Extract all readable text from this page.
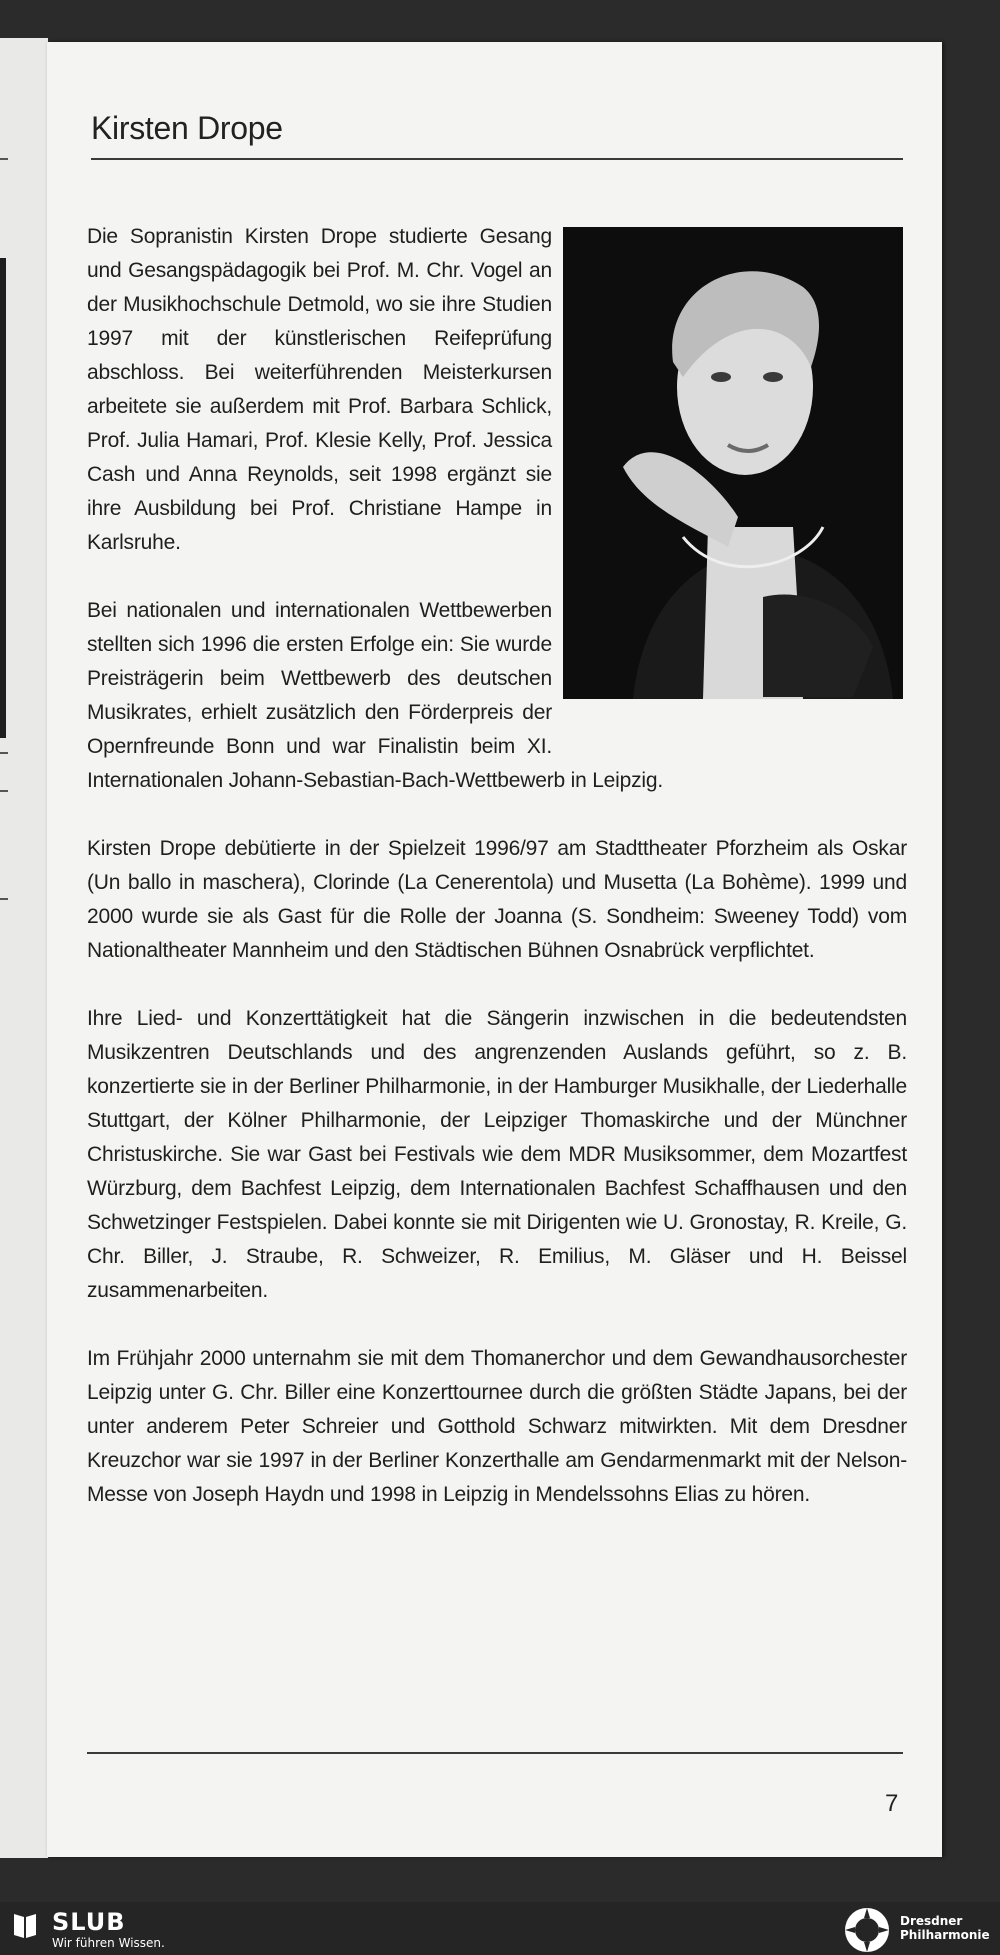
Kirsten Drope

Die Sopranistin Kirsten Drope studierte Gesang und Gesangspädagogik bei Prof. M. Chr. Vogel an der Musikhochschule Detmold, wo sie ihre Studien 1997 mit der künstlerischen Reifeprüfung abschloss. Bei weiterführenden Meisterkursen arbeitete sie außerdem mit Prof. Barbara Schlick, Prof. Julia Hamari, Prof. Klesie Kelly, Prof. Jessica Cash und Anna Reynolds, seit 1998 ergänzt sie ihre Ausbildung bei Prof. Christiane Hampe in Karlsruhe.

Bei nationalen und internationalen Wettbewerben stellten sich 1996 die ersten Erfolge ein: Sie wurde Preisträgerin beim Wettbewerb des deutschen Musikrates, erhielt zusätzlich den Förderpreis der Opernfreunde Bonn und war Finalistin beim XI. Internationalen Johann-Sebastian-Bach-Wettbewerb in Leipzig.

Kirsten Drope debütierte in der Spielzeit 1996/97 am Stadttheater Pforzheim als Oskar (Un ballo in maschera), Clorinde (La Cenerentola) und Musetta (La Bohème). 1999 und 2000 wurde sie als Gast für die Rolle der Joanna (S. Sondheim: Sweeney Todd) vom Nationaltheater Mannheim und den Städtischen Bühnen Osnabrück verpflichtet.

Ihre Lied- und Konzerttätigkeit hat die Sängerin inzwischen in die bedeutendsten Musikzentren Deutschlands und des angrenzenden Auslands geführt, so z. B. konzertierte sie in der Berliner Philharmonie, in der Hamburger Musikhalle, der Liederhalle Stuttgart, der Kölner Philharmonie, der Leipziger Thomaskirche und der Münchner Christuskirche. Sie war Gast bei Festivals wie dem MDR Musiksommer, dem Mozartfest Würzburg, dem Bachfest Leipzig, dem Internationalen Bachfest Schaffhausen und den Schwetzinger Festspielen. Dabei konnte sie mit Dirigenten wie U. Gronostay, R. Kreile, G. Chr. Biller, J. Straube, R. Schweizer, R. Emilius, M. Gläser und H. Beissel zusammenarbeiten.

Im Frühjahr 2000 unternahm sie mit dem Thomanerchor und dem Gewandhausorchester Leipzig unter G. Chr. Biller eine Konzerttournee durch die größten Städte Japans, bei der unter anderem Peter Schreier und Gotthold Schwarz mitwirkten. Mit dem Dresdner Kreuzchor war sie 1997 in der Berliner Konzerthalle am Gendarmenmarkt mit der Nelson-Messe von Joseph Haydn und 1998 in Leipzig in Mendelssohns Elias zu hören.

7
SLUB
Wir führen Wissen.
Dresdner
Philharmonie
